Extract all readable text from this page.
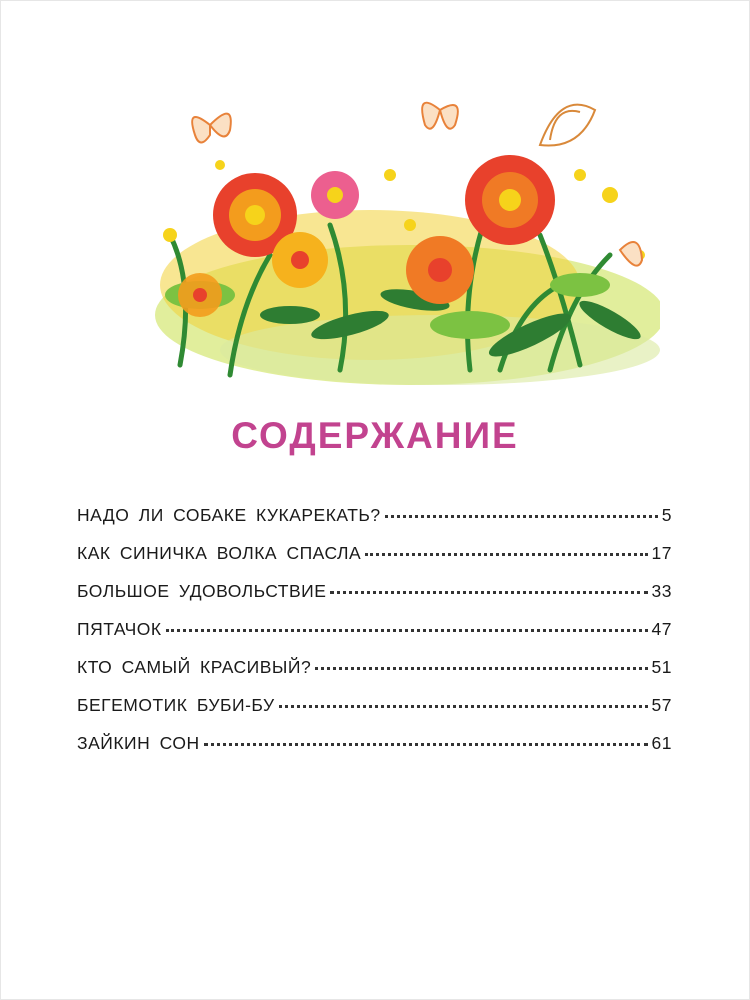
СОДЕРЖАНИЕ
НАДО ЛИ СОБАКЕ КУКАРЕКАТЬ?	5
КАК СИНИЧКА ВОЛКА СПАСЛА	17
БОЛЬШОЕ УДОВОЛЬСТВИЕ	33
ПЯТАЧОК	47
КТО САМЫЙ КРАСИВЫЙ?	51
БЕГЕМОТИК БУБИ-БУ	57
ЗАЙКИН СОН	61
